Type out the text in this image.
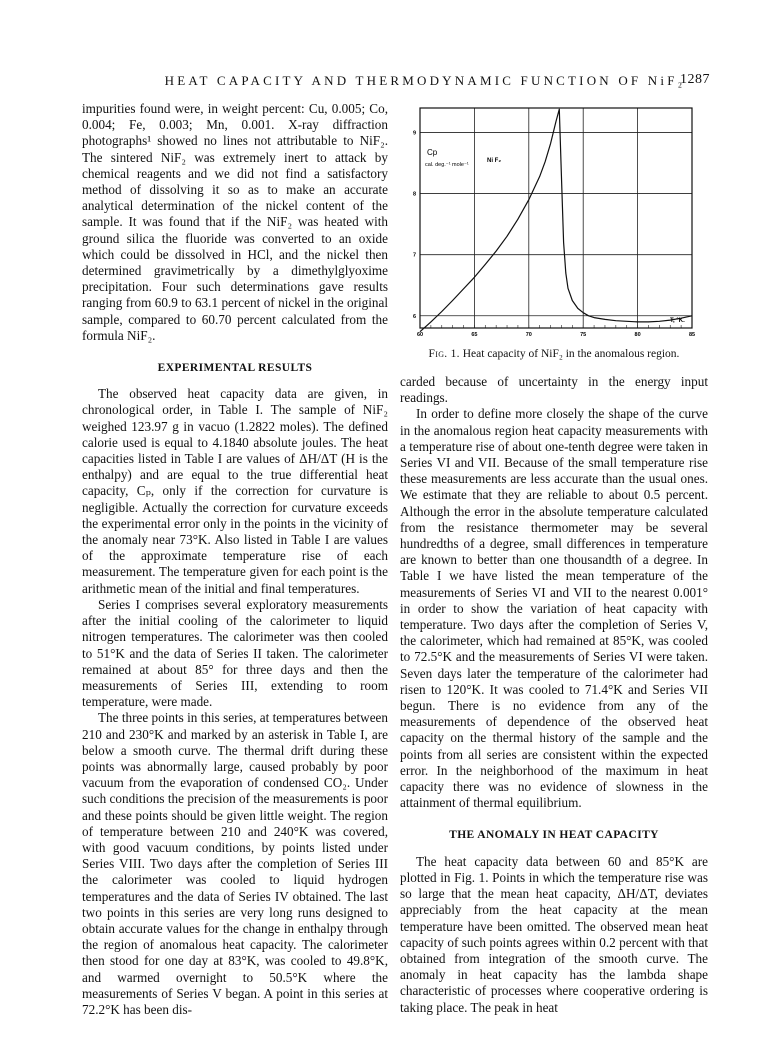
HEAT CAPACITY AND THERMODYNAMIC FUNCTION OF NiF₂
1287

impurities found were, in weight percent: Cu, 0.005; Co, 0.004; Fe, 0.003; Mn, 0.001. X-ray diffraction photographs¹ showed no lines not attributable to NiF₂. The sintered NiF₂ was extremely inert to attack by chemical reagents and we did not find a satisfactory method of dissolving it so as to make an accurate analytical determination of the nickel content of the sample. It was found that if the NiF₂ was heated with ground silica the fluoride was converted to an oxide which could be dissolved in HCl, and the nickel then determined gravimetrically by a dimethylglyoxime precipitation. Four such determinations gave results ranging from 60.9 to 63.1 percent of nickel in the original sample, compared to 60.70 percent calculated from the formula NiF₂.

EXPERIMENTAL RESULTS

The observed heat capacity data are given, in chronological order, in Table I. The sample of NiF₂ weighed 123.97 g in vacuo (1.2822 moles). The defined calorie used is equal to 4.1840 absolute joules. The heat capacities listed in Table I are values of ΔH/ΔT (H is the enthalpy) and are equal to the true differential heat capacity, Cₚ, only if the correction for curvature is negligible. Actually the correction for curvature exceeds the experimental error only in the points in the vicinity of the anomaly near 73°K. Also listed in Table I are values of the approximate temperature rise of each measurement. The temperature given for each point is the arithmetic mean of the initial and final temperatures.

Series I comprises several exploratory measurements after the initial cooling of the calorimeter to liquid nitrogen temperatures. The calorimeter was then cooled to 51°K and the data of Series II taken. The calorimeter remained at about 85° for three days and then the measurements of Series III, extending to room temperature, were made.

The three points in this series, at temperatures between 210 and 230°K and marked by an asterisk in Table I, are below a smooth curve. The thermal drift during these points was abnormally large, caused probably by poor vacuum from the evaporation of condensed CO₂. Under such conditions the precision of the measurements is poor and these points should be given little weight. The region of temperature between 210 and 240°K was covered, with good vacuum conditions, by points listed under Series VIII. Two days after the completion of Series III the calorimeter was cooled to liquid hydrogen temperatures and the data of Series IV obtained. The last two points in this series are very long runs designed to obtain accurate values for the change in enthalpy through the region of anomalous heat capacity. The calorimeter then stood for one day at 83°K, was cooled to 49.8°K, and warmed overnight to 50.5°K where the measurements of Series V began. A point in this series at 72.2°K has been dis-

60	65	70	75	80	85
6
7
8
9
Cp
cal. deg.⁻¹ mole⁻¹
Ni F₂
T, °K.
Fig. 1. Heat capacity of NiF₂ in the anomalous region.

carded because of uncertainty in the energy input readings.

In order to define more closely the shape of the curve in the anomalous region heat capacity measurements with a temperature rise of about one-tenth degree were taken in Series VI and VII. Because of the small temperature rise these measurements are less accurate than the usual ones. We estimate that they are reliable to about 0.5 percent. Although the error in the absolute temperature calculated from the resistance thermometer may be several hundredths of a degree, small differences in temperature are known to better than one thousandth of a degree. In Table I we have listed the mean temperature of the measurements of Series VI and VII to the nearest 0.001° in order to show the variation of heat capacity with temperature. Two days after the completion of Series V, the calorimeter, which had remained at 85°K, was cooled to 72.5°K and the measurements of Series VI were taken. Seven days later the temperature of the calorimeter had risen to 120°K. It was cooled to 71.4°K and Series VII begun. There is no evidence from any of the measurements of dependence of the observed heat capacity on the thermal history of the sample and the points from all series are consistent within the expected error. In the neighborhood of the maximum in heat capacity there was no evidence of slowness in the attainment of thermal equilibrium.

THE ANOMALY IN HEAT CAPACITY

The heat capacity data between 60 and 85°K are plotted in Fig. 1. Points in which the temperature rise was so large that the mean heat capacity, ΔH/ΔT, deviates appreciably from the heat capacity at the mean temperature have been omitted. The observed mean heat capacity of such points agrees within 0.2 percent with that obtained from integration of the smooth curve. The anomaly in heat capacity has the lambda shape characteristic of processes where cooperative ordering is taking place. The peak in heat
